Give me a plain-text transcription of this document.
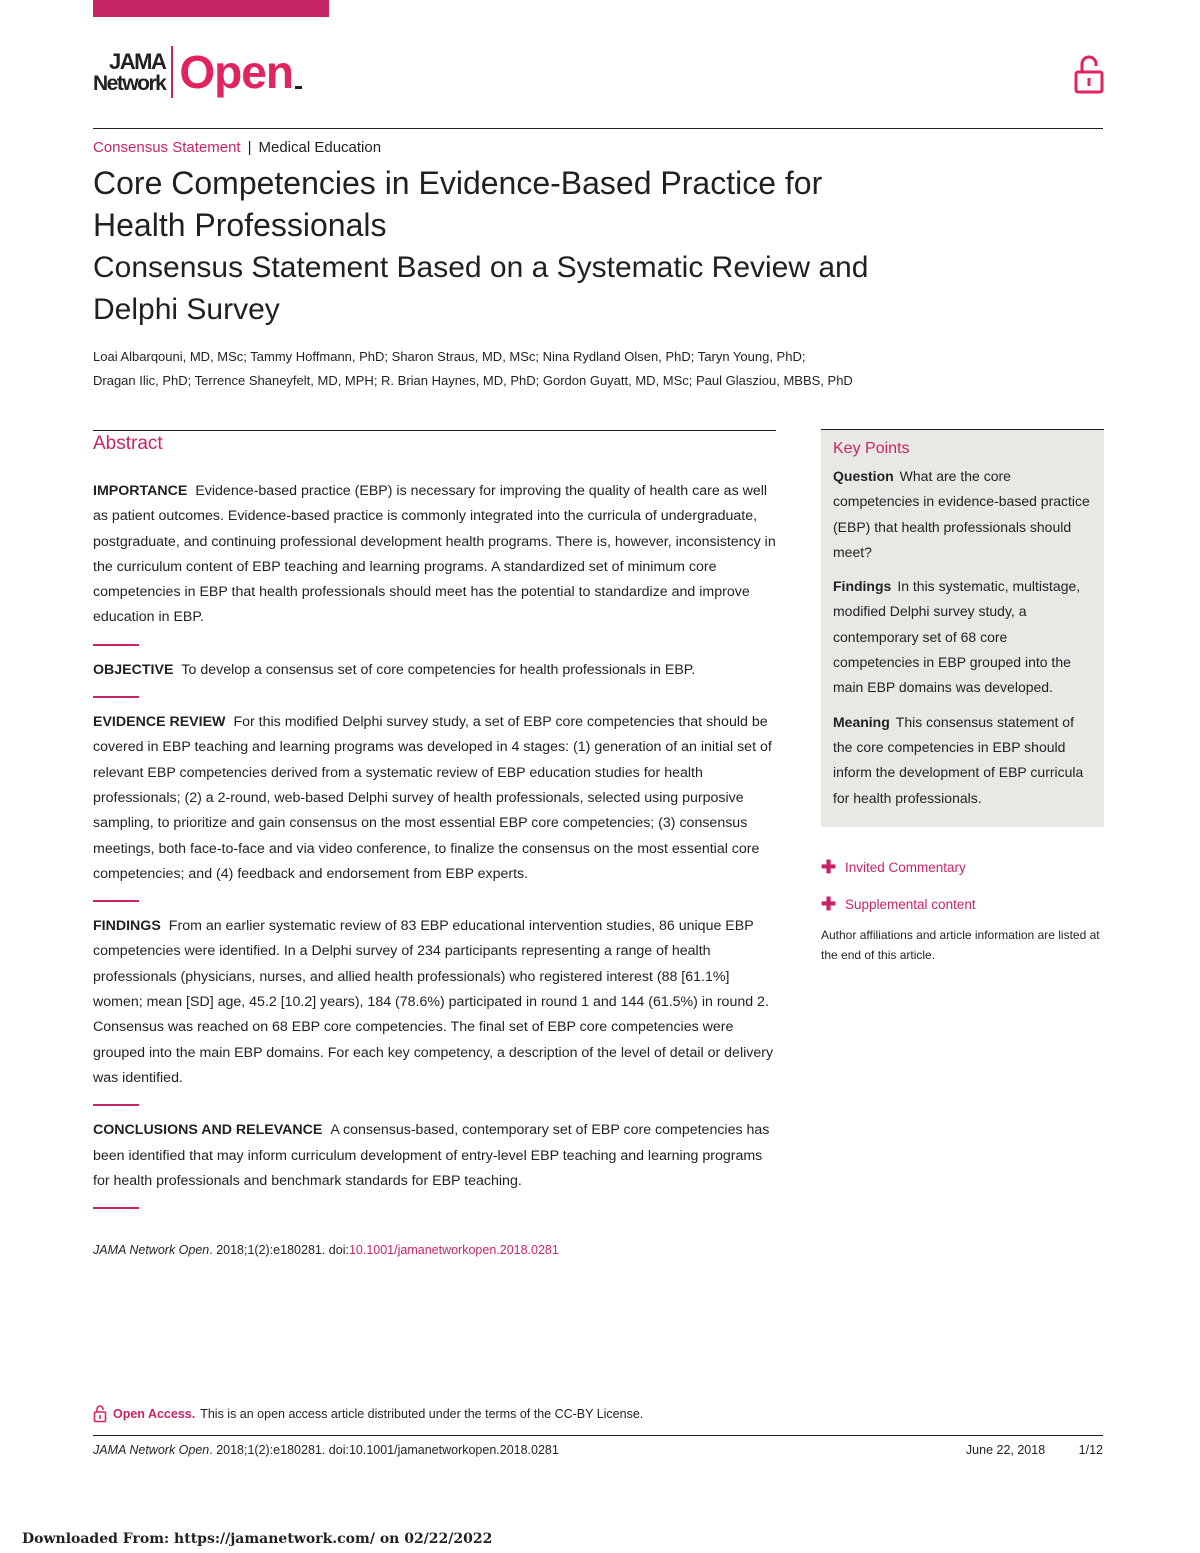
JAMA
Network Open
Consensus Statement | Medical Education
Core Competencies in Evidence-Based Practice for Health Professionals
Consensus Statement Based on a Systematic Review and Delphi Survey
Loai Albarqouni, MD, MSc; Tammy Hoffmann, PhD; Sharon Straus, MD, MSc; Nina Rydland Olsen, PhD; Taryn Young, PhD;
Dragan Ilic, PhD; Terrence Shaneyfelt, MD, MPH; R. Brian Haynes, MD, PhD; Gordon Guyatt, MD, MSc; Paul Glasziou, MBBS, PhD
Abstract

IMPORTANCE Evidence-based practice (EBP) is necessary for improving the quality of health care as well as patient outcomes. Evidence-based practice is commonly integrated into the curricula of undergraduate, postgraduate, and continuing professional development health programs. There is, however, inconsistency in the curriculum content of EBP teaching and learning programs. A standardized set of minimum core competencies in EBP that health professionals should meet has the potential to standardize and improve education in EBP.

OBJECTIVE To develop a consensus set of core competencies for health professionals in EBP.

EVIDENCE REVIEW For this modified Delphi survey study, a set of EBP core competencies that should be covered in EBP teaching and learning programs was developed in 4 stages: (1) generation of an initial set of relevant EBP competencies derived from a systematic review of EBP education studies for health professionals; (2) a 2-round, web-based Delphi survey of health professionals, selected using purposive sampling, to prioritize and gain consensus on the most essential EBP core competencies; (3) consensus meetings, both face-to-face and via video conference, to finalize the consensus on the most essential core competencies; and (4) feedback and endorsement from EBP experts.

FINDINGS From an earlier systematic review of 83 EBP educational intervention studies, 86 unique EBP competencies were identified. In a Delphi survey of 234 participants representing a range of health professionals (physicians, nurses, and allied health professionals) who registered interest (88 [61.1%] women; mean [SD] age, 45.2 [10.2] years), 184 (78.6%) participated in round 1 and 144 (61.5%) in round 2. Consensus was reached on 68 EBP core competencies. The final set of EBP core competencies were grouped into the main EBP domains. For each key competency, a description of the level of detail or delivery was identified.

CONCLUSIONS AND RELEVANCE A consensus-based, contemporary set of EBP core competencies has been identified that may inform curriculum development of entry-level EBP teaching and learning programs for health professionals and benchmark standards for EBP teaching.

JAMA Network Open. 2018;1(2):e180281. doi:10.1001/jamanetworkopen.2018.0281
Key Points

Question What are the core competencies in evidence-based practice (EBP) that health professionals should meet?

Findings In this systematic, multistage, modified Delphi survey study, a contemporary set of 68 core competencies in EBP grouped into the main EBP domains was developed.

Meaning This consensus statement of the core competencies in EBP should inform the development of EBP curricula for health professionals.

✚ Invited Commentary
✚ Supplemental content
Author affiliations and article information are listed at the end of this article.
Open Access. This is an open access article distributed under the terms of the CC-BY License.
JAMA Network Open. 2018;1(2):e180281. doi:10.1001/jamanetworkopen.2018.0281	June 22, 2018	1/12
Downloaded From: https://jamanetwork.com/ on 02/22/2022
